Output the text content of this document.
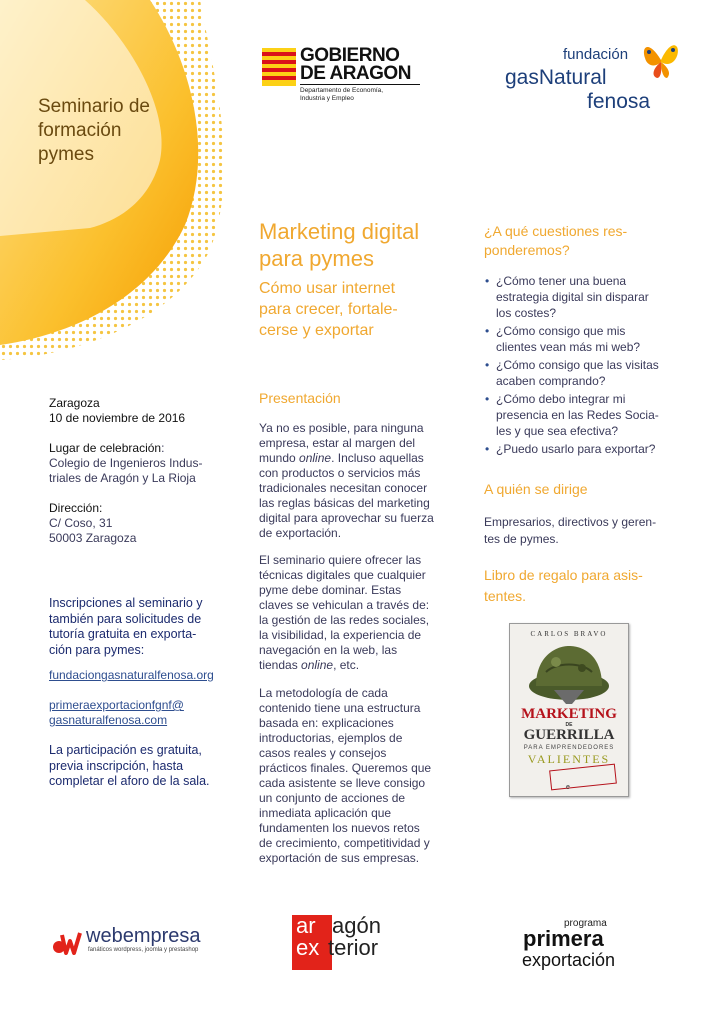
Seminario de
formación
pymes
GOBIERNO
DE ARAGON
Departamento de Economía,
Industria y Empleo
fundación
gasNatural
fenosa
Zaragoza
10 de noviembre de 2016
Lugar de celebración:
Colegio de Ingenieros Indus-
triales de Aragón y La Rioja
Dirección:
C/ Coso, 31
50003 Zaragoza
Inscripciones al seminario y
también para solicitudes de
tutoría gratuita en exporta-
ción para pymes:
fundaciongasnaturalfenosa.org
primeraexportacionfgnf@
gasnaturalfenosa.com
La participación es gratuita,
previa inscripción, hasta
completar el aforo de la sala.
Marketing digital
para pymes
Cómo usar internet
para crecer, fortale-
cerse y exportar
Presentación
Ya no es posible, para ninguna
empresa, estar al margen del
mundo online. Incluso aquellas
con productos o servicios más
tradicionales necesitan conocer
las reglas básicas del marketing
digital para aprovechar su fuerza
de exportación.
El seminario quiere ofrecer las
técnicas digitales que cualquier
pyme debe dominar. Estas
claves se vehiculan a través de:
la gestión de las redes sociales,
la visibilidad, la experiencia de
navegación en la web, las
tiendas online, etc.
La metodología de cada
contenido tiene una estructura
basada en: explicaciones
introductorias, ejemplos de
casos reales y consejos
prácticos finales. Queremos que
cada asistente se lleve consigo
un conjunto de acciones de
inmediata aplicación que
fundamenten los nuevos retos
de crecimiento, competitividad y
exportación de sus empresas.
¿A qué cuestiones res-
ponderemos?
• ¿Cómo tener una buena
estrategia digital sin disparar
los costes?
• ¿Cómo consigo que mis
clientes vean más mi web?
• ¿Cómo consigo que las visitas
acaben comprando?
• ¿Cómo debo integrar mi
presencia en las Redes Socia-
les y que sea efectiva?
• ¿Puedo usarlo para exportar?
A quién se dirige
Empresarios, directivos y geren-
tes de pymes.
Libro de regalo para asis-
tentes.
CARLOS BRAVO
MARKETING
DE
GUERRILLA
PARA EMPRENDEDORES
VALIENTES
e
webempresa
fanáticos wordpress, joomla y prestashop
ar agón
ex terior
programa
primera
exportación
